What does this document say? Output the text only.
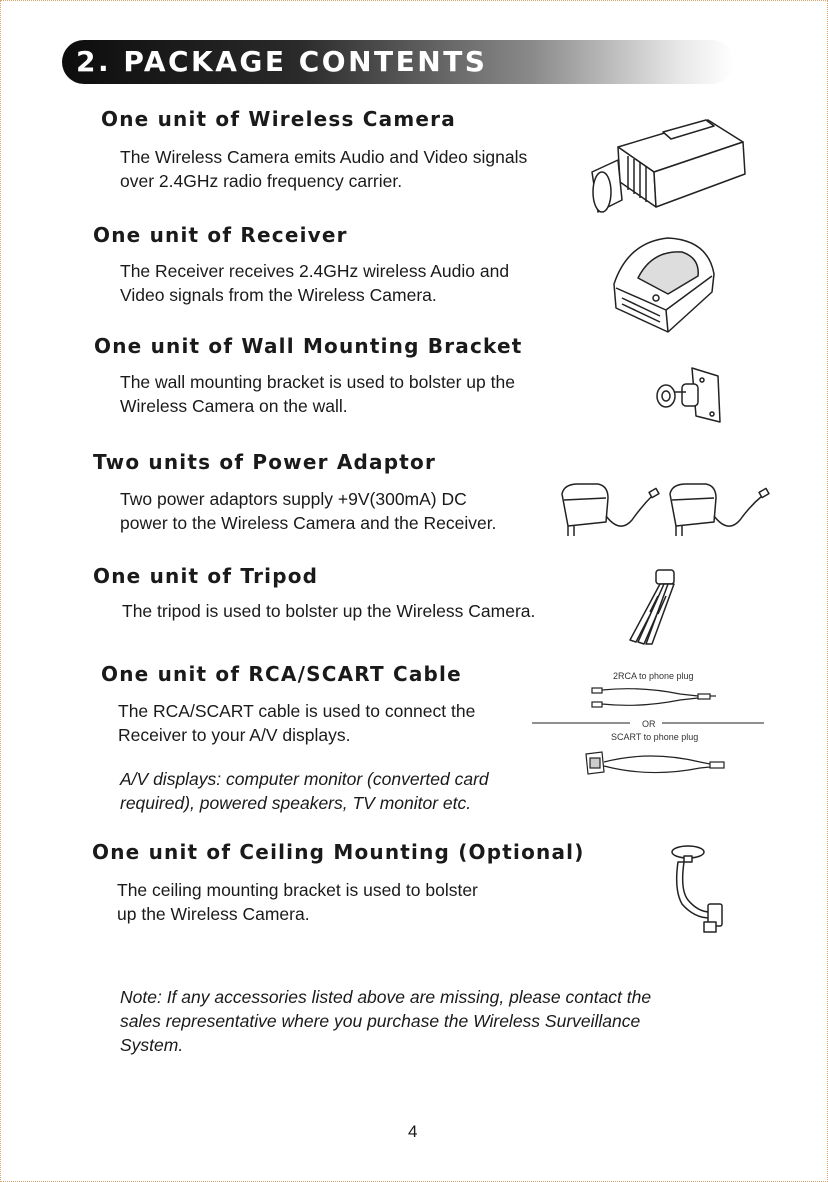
2. PACKAGE CONTENTS
One unit of Wireless Camera
The Wireless Camera emits Audio and Video signals
over 2.4GHz radio frequency carrier.
One unit of Receiver
The Receiver receives 2.4GHz wireless Audio and
Video signals from the Wireless Camera.
One unit of Wall Mounting Bracket
The wall mounting bracket is used to bolster up the
Wireless Camera on the wall.
Two units of Power Adaptor
Two power adaptors supply +9V(300mA) DC
power to the Wireless Camera and the Receiver.
One unit of Tripod
The tripod is used to bolster up the Wireless Camera.
One unit of RCA/SCART Cable
The RCA/SCART cable is used to connect the
Receiver to your A/V displays.
A/V displays: computer monitor (converted card
required), powered speakers, TV monitor etc.
2RCA to phone plug
OR
SCART to phone plug
One unit of Ceiling Mounting (Optional)
The ceiling mounting bracket is used to bolster
up the Wireless Camera.
Note: If any accessories listed above are missing, please contact the
sales representative where you purchase the Wireless Surveillance
System.
4
